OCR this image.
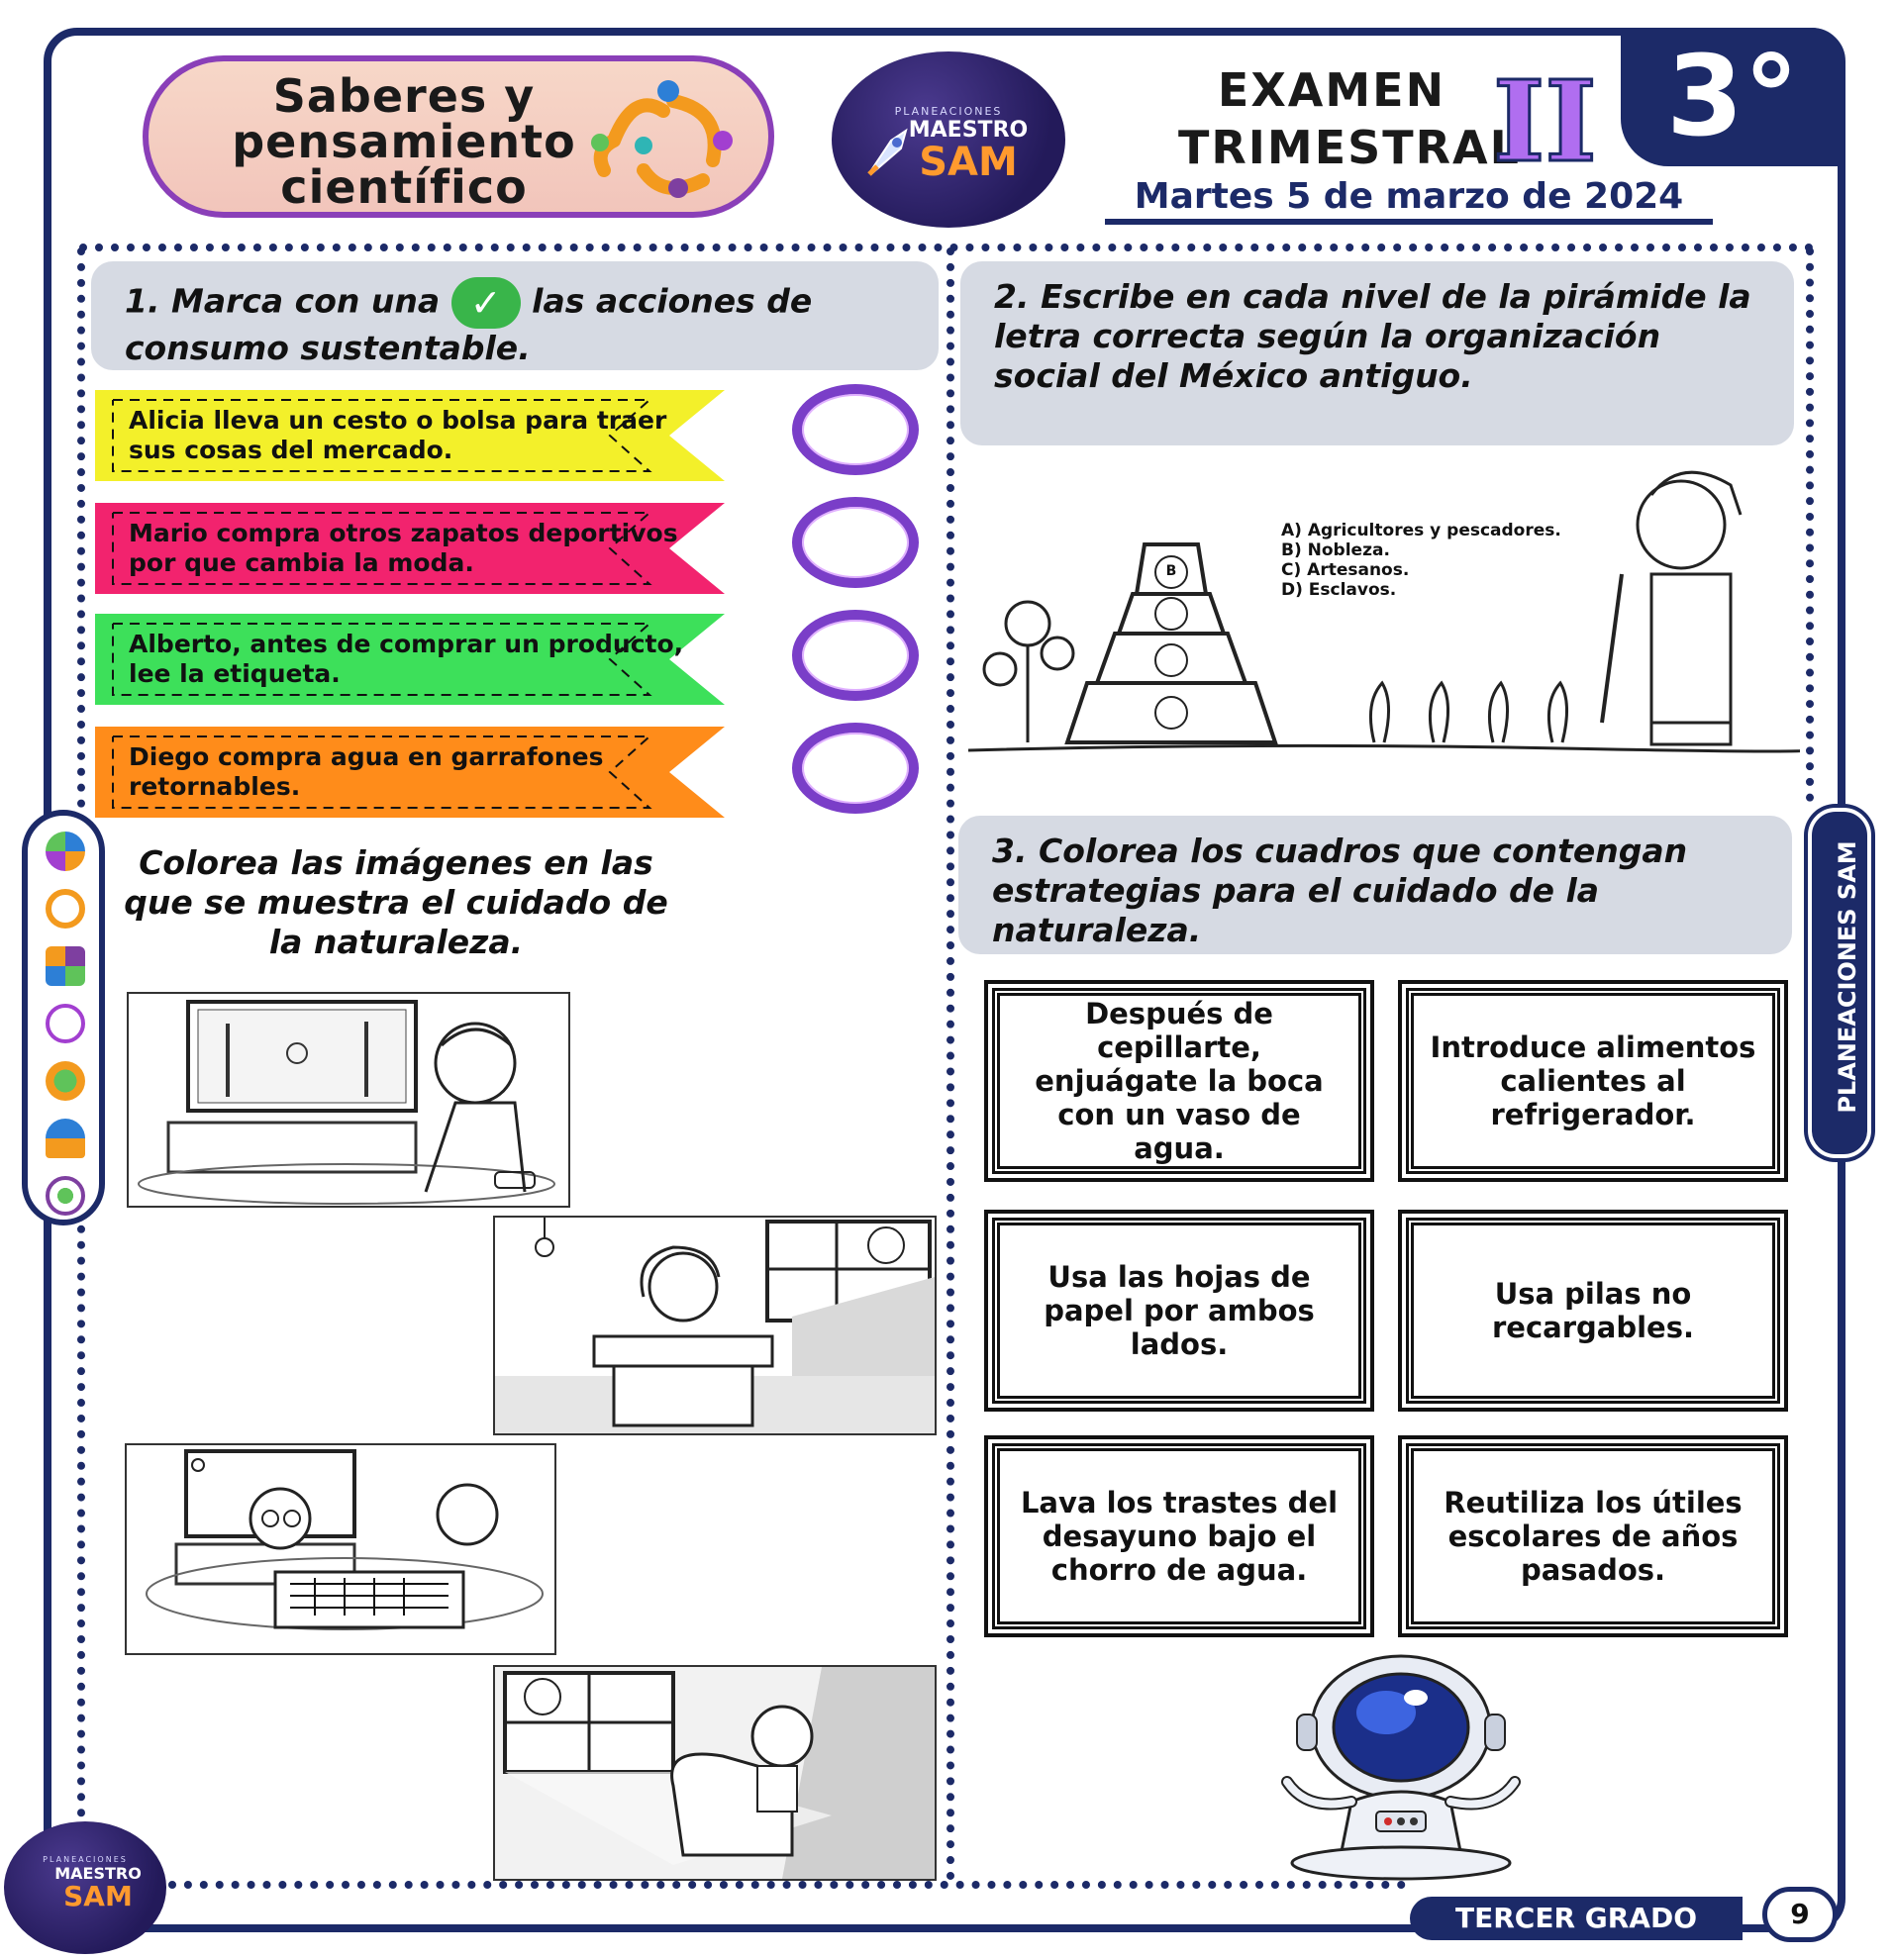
3°
Saberes y pensamiento científico
PLANEACIONES
MAESTRO
SAM
EXAMEN TRIMESTRAL
II
Martes 5 de marzo de 2024
1. Marca con una ✓ las acciones de consumo sustentable.
Alicia lleva un cesto o bolsa para traer sus cosas del mercado.
Mario compra otros zapatos deportivos por que cambia la moda.
Alberto, antes de comprar un producto, lee la etiqueta.
Diego compra agua en garrafones retornables.
Colorea las imágenes en las que se muestra el cuidado de la naturaleza.
2. Escribe en cada nivel de la pirámide la letra correcta según la organización social del México antiguo.
B
A) Agricultores y pescadores.
B) Nobleza.
C) Artesanos.
D) Esclavos.
3. Colorea los cuadros que contengan estrategias para el cuidado de la naturaleza.
Después de cepillarte, enjuágate la boca con un vaso de agua.
Introduce alimentos calientes al refrigerador.
Usa las hojas de papel por ambos lados.
Usa pilas no recargables.
Lava los trastes del desayuno bajo el chorro de agua.
Reutiliza los útiles escolares de años pasados.
PLANEACIONES SAM
PLANEACIONES
MAESTRO
SAM
TERCER GRADO	9
